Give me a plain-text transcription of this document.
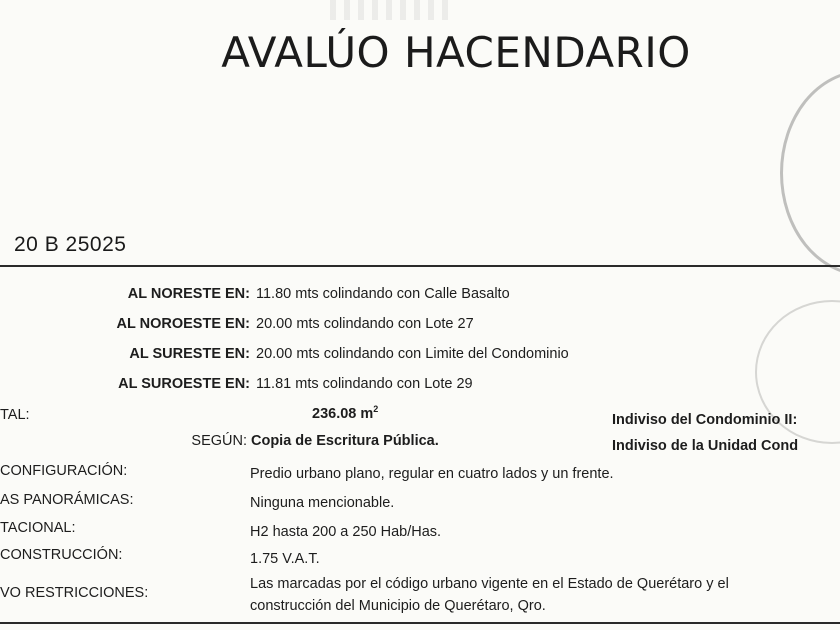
AVALÚO HACENDARIO
20 B 25025
AL NORESTE EN: 11.80 mts colindando con Calle Basalto
AL NOROESTE EN: 20.00 mts colindando con Lote 27
AL SURESTE EN: 20.00 mts colindando con Limite del Condominio
AL SUROESTE EN: 11.81 mts colindando con Lote 29
TAL:	236.08 $m^2$
Indiviso del Condominio II:
SEGÚN: Copia de Escritura Pública.	Indiviso de la Unidad Cond
CONFIGURACIÓN:	Predio urbano plano, regular en cuatro lados y un frente.
AS PANORÁMICAS:	Ninguna mencionable.
TACIONAL:	H2 hasta 200 a 250 Hab/Has.
CONSTRUCCIÓN:	1.75 V.A.T.
VO RESTRICCIONES:
Las marcadas por el código urbano vigente en el Estado de Querétaro y el
construcción del Municipio de Querétaro, Qro.
